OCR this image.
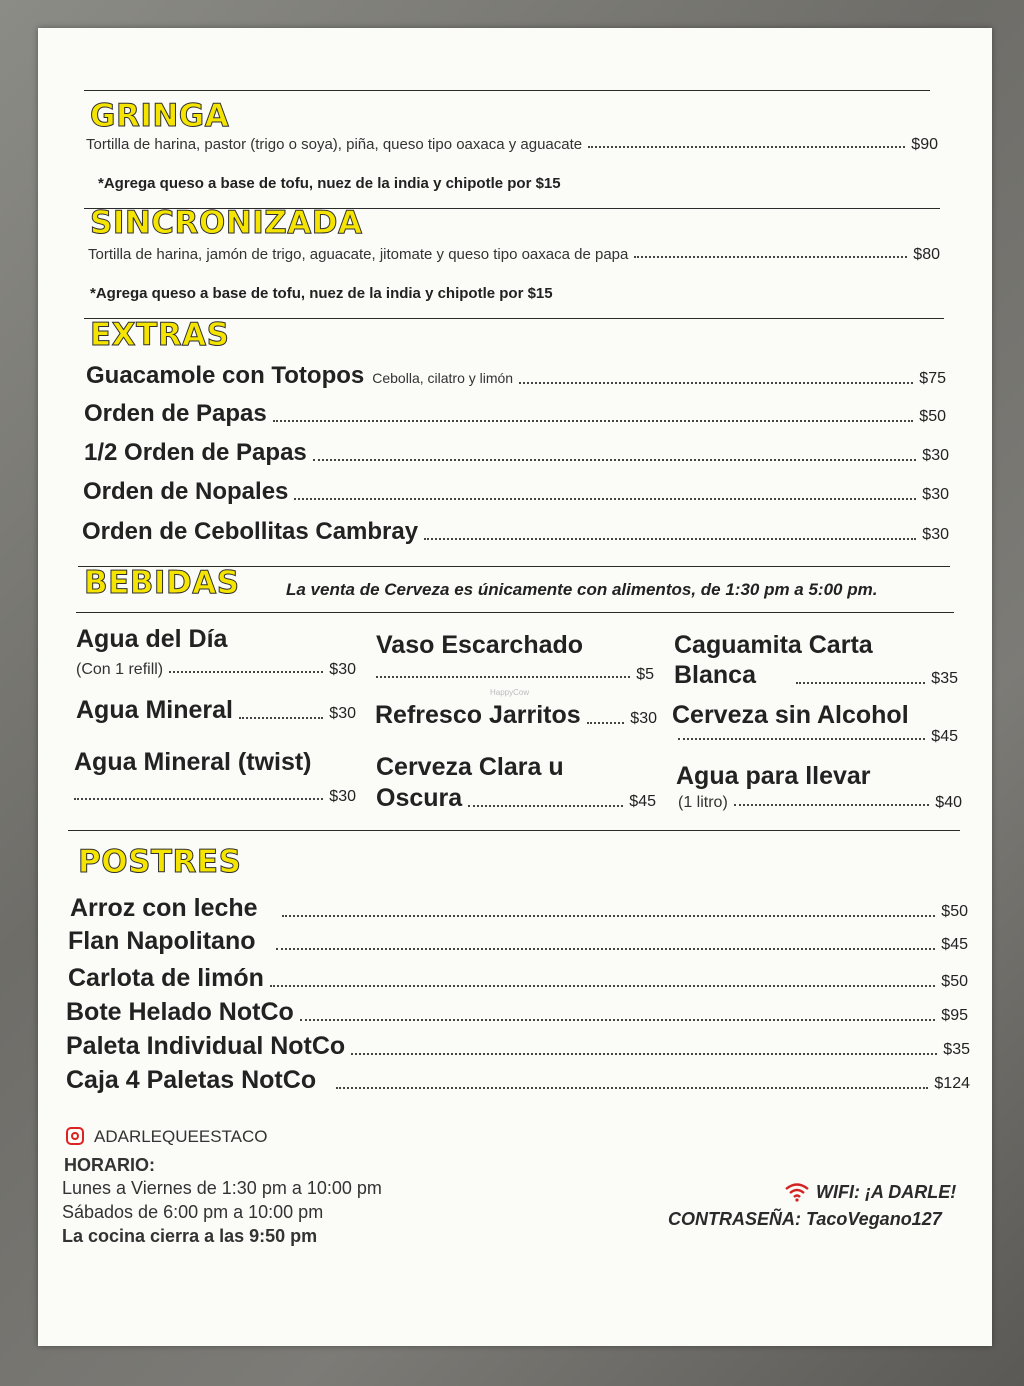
GRINGA
Tortilla de harina, pastor (trigo o soya), piña, queso tipo oaxaca y aguacate	$90
*Agrega queso a base de tofu, nuez de la india y chipotle por $15
SINCRONIZADA
Tortilla de harina, jamón de trigo, aguacate, jitomate y queso tipo oaxaca de papa	$80
*Agrega queso a base de tofu, nuez de la india y chipotle por $15
EXTRAS
Guacamole con Totopos Cebolla, cilatro y limón	$75
Orden de Papas	$50
1/2 Orden de Papas	$30
Orden de Nopales	$30
Orden de Cebollitas Cambray	$30
BEBIDAS	La venta de Cerveza es únicamente con alimentos, de 1:30 pm a 5:00 pm.
Agua del Día
(Con 1 refill)	$30
Agua Mineral	$30
Agua Mineral (twist)
$30
Vaso Escarchado
$5
HappyCow
Refresco Jarritos	$30
Cerveza Clara u
Oscura	$45
Caguamita Carta
Blanca	$35
Cerveza sin Alcohol
$45
Agua para llevar
(1 litro)	$40
POSTRES
Arroz con leche	$50
Flan Napolitano	$45
Carlota de limón	$50
Bote Helado NotCo	$95
Paleta Individual NotCo	$35
Caja 4 Paletas NotCo	$124
ADARLEQUEESTACO
HORARIO:
Lunes a Viernes de 1:30 pm a 10:00 pm
Sábados de 6:00 pm a 10:00 pm
La cocina cierra a las 9:50 pm
WIFI: ¡A DARLE!
CONTRASEÑA: TacoVegano127
